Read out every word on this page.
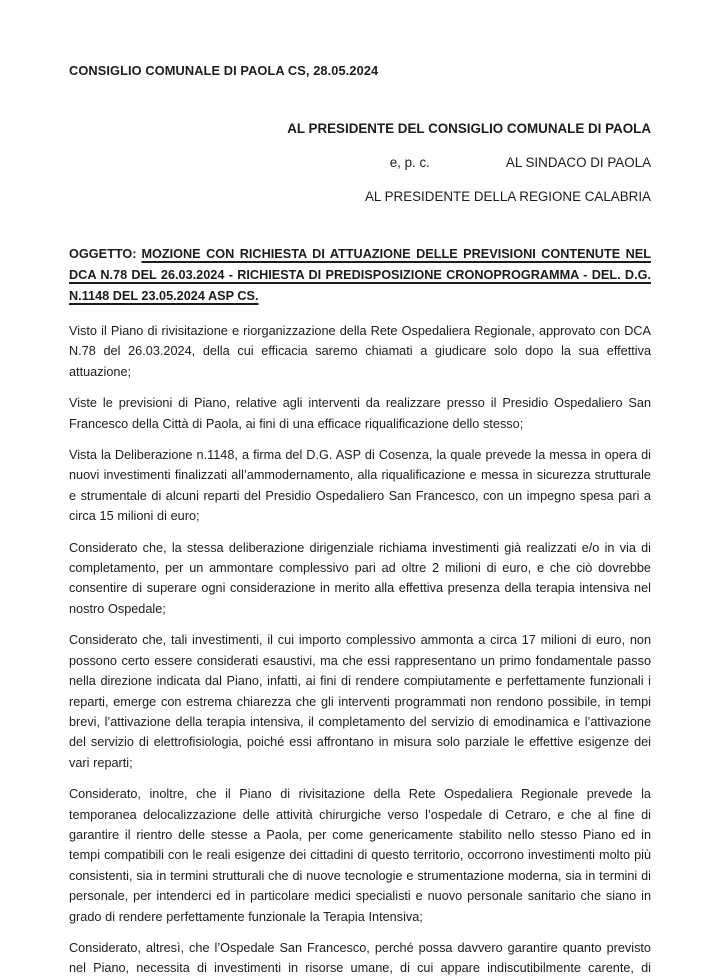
CONSIGLIO COMUNALE DI PAOLA CS, 28.05.2024

AL PRESIDENTE DEL CONSIGLIO COMUNALE DI PAOLA

e, p. c.	AL SINDACO DI PAOLA

AL PRESIDENTE DELLA REGIONE CALABRIA

OGGETTO: MOZIONE CON RICHIESTA DI ATTUAZIONE DELLE PREVISIONI CONTENUTE NEL DCA N.78 DEL 26.03.2024 - RICHIESTA DI PREDISPOSIZIONE CRONOPROGRAMMA - DEL. D.G. N.1148 DEL 23.05.2024 ASP CS.

Visto il Piano di rivisitazione e riorganizzazione della Rete Ospedaliera Regionale, approvato con DCA N.78 del 26.03.2024, della cui efficacia saremo chiamati a giudicare solo dopo la sua effettiva attuazione;

Viste le previsioni di Piano, relative agli interventi da realizzare presso il Presidio Ospedaliero San Francesco della Città di Paola, ai fini di una efficace riqualificazione dello stesso;

Vista la Deliberazione n.1148, a firma del D.G. ASP di Cosenza, la quale prevede la messa in opera di nuovi investimenti finalizzati all’ammodernamento, alla riqualificazione e messa in sicurezza strutturale e strumentale di alcuni reparti del Presidio Ospedaliero San Francesco, con un impegno spesa pari a circa 15 milioni di euro;

Considerato che, la stessa deliberazione dirigenziale richiama investimenti già realizzati e/o in via di completamento, per un ammontare complessivo pari ad oltre 2 milioni di euro, e che ciò dovrebbe consentire di superare ogni considerazione in merito alla effettiva presenza della terapia intensiva nel nostro Ospedale;

Considerato che, tali investimenti, il cui importo complessivo ammonta a circa 17 milioni di euro, non possono certo essere considerati esaustivi, ma che essi rappresentano un primo fondamentale passo nella direzione indicata dal Piano, infatti, ai fini di rendere compiutamente e perfettamente funzionali i reparti, emerge con estrema chiarezza che gli interventi programmati non rendono possibile, in tempi brevi, l’attivazione della terapia intensiva, il completamento del servizio di emodinamica e l’attivazione del servizio di elettrofisiologia, poiché essi affrontano in misura solo parziale le effettive esigenze dei vari reparti;

Considerato, inoltre, che il Piano di rivisitazione della Rete Ospedaliera Regionale prevede la temporanea delocalizzazione delle attività chirurgiche verso l’ospedale di Cetraro, e che al fine di garantire il rientro delle stesse a Paola, per come genericamente stabilito nello stesso Piano ed in tempi compatibili con le reali esigenze dei cittadini di questo territorio, occorrono investimenti molto più consistenti, sia in termini strutturali che di nuove tecnologie e strumentazione moderna, sia in termini di personale, per intenderci ed in particolare medici specialisti e nuovo personale sanitario che siano in grado di rendere perfettamente funzionale la Terapia Intensiva;

Considerato, altresì, che l’Ospedale San Francesco, perché possa davvero garantire quanto previsto nel Piano, necessita di investimenti in risorse umane, di cui appare indiscutibilmente carente, di
